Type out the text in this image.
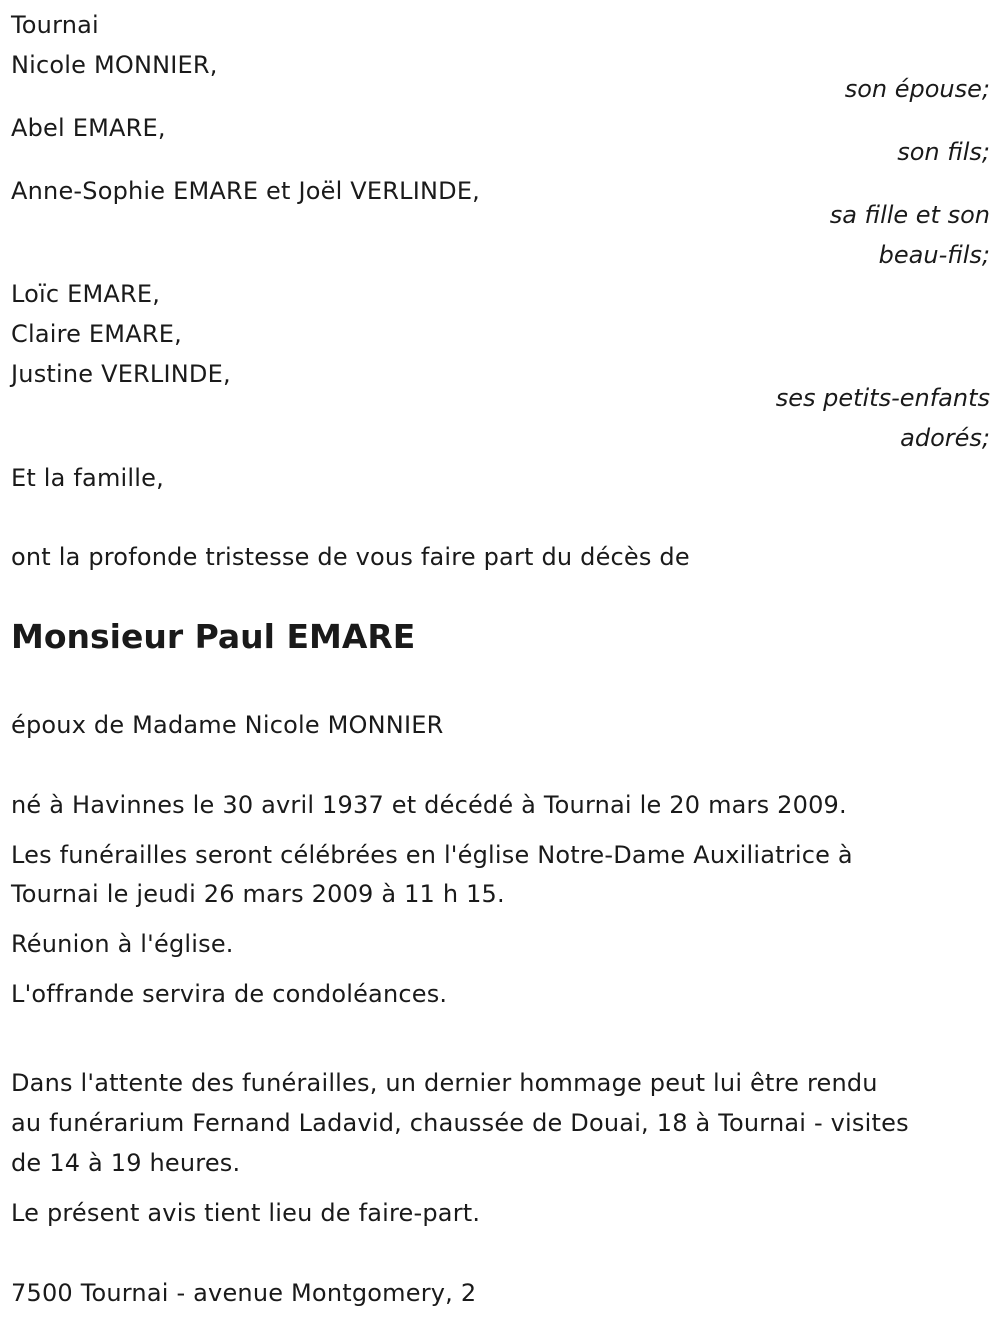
Tournai
Nicole MONNIER,
son épouse;
Abel EMARE,
son fils;
Anne-Sophie EMARE et Joël VERLINDE,
sa fille et son
beau-fils;
Loïc EMARE,
Claire EMARE,
Justine VERLINDE,
ses petits-enfants
adorés;
Et la famille,
ont la profonde tristesse de vous faire part du décès de
Monsieur Paul EMARE
époux de Madame Nicole MONNIER
né à Havinnes le 30 avril 1937 et décédé à Tournai le 20 mars 2009.
Les funérailles seront célébrées en l'église Notre-Dame Auxiliatrice à
Tournai le jeudi 26 mars 2009 à 11 h 15.
Réunion à l'église.
L'offrande servira de condoléances.
Dans l'attente des funérailles, un dernier hommage peut lui être rendu
au funérarium Fernand Ladavid, chaussée de Douai, 18 à Tournai - visites
de 14 à 19 heures.
Le présent avis tient lieu de faire-part.
7500 Tournai - avenue Montgomery, 2
